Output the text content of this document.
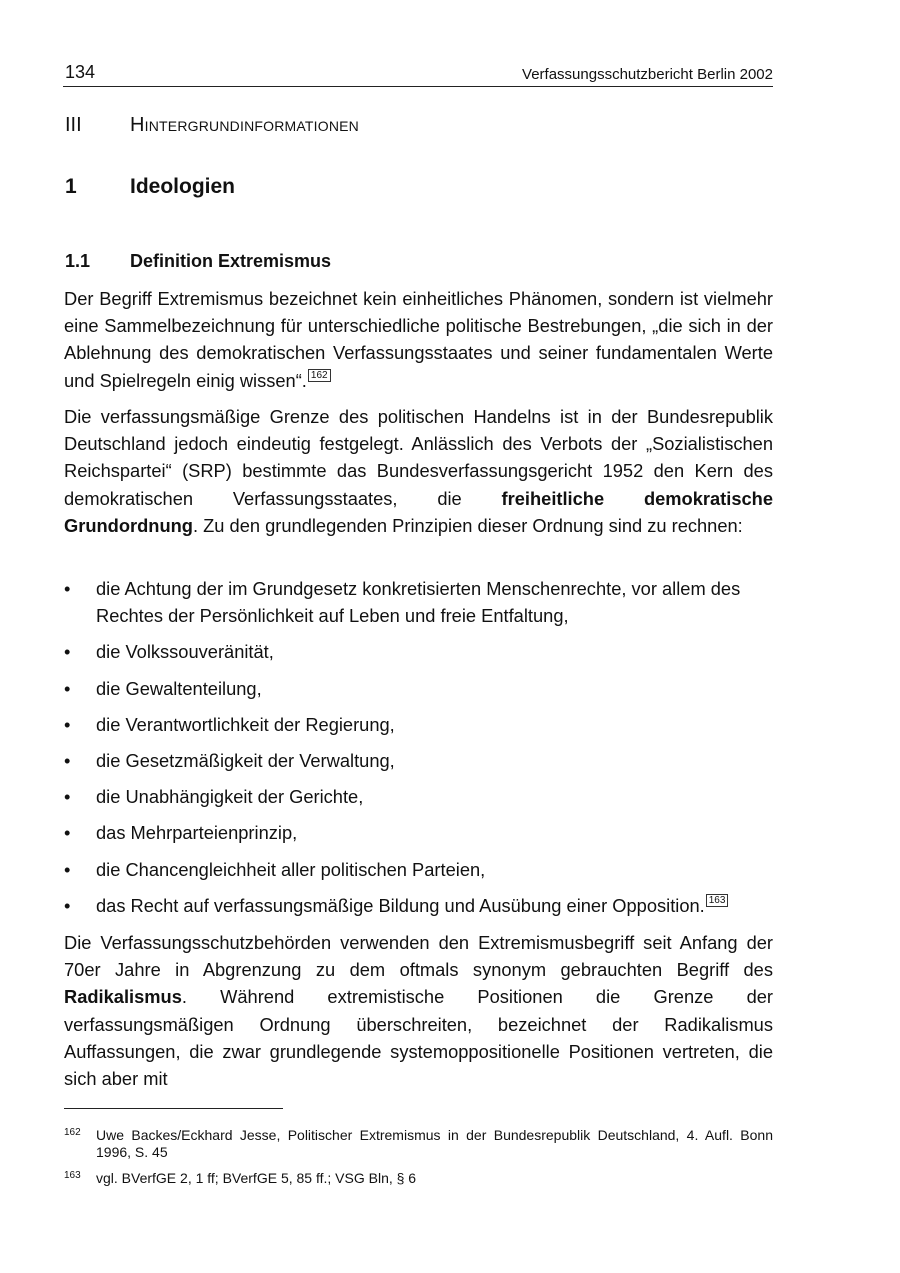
134	Verfassungsschutzbericht Berlin 2002
III	Hintergrundinformationen
1	Ideologien
1.1 Definition Extremismus
Der Begriff Extremismus bezeichnet kein einheitliches Phänomen, sondern ist vielmehr eine Sammelbezeichnung für unterschiedliche politische Bestrebungen, „die sich in der Ablehnung des demokratischen Verfassungsstaates und seiner fundamentalen Werte und Spielregeln einig wissen“. 162
Die verfassungsmäßige Grenze des politischen Handelns ist in der Bundesrepublik Deutschland jedoch eindeutig festgelegt. Anlässlich des Verbots der „Sozialistischen Reichspartei“ (SRP) bestimmte das Bundesverfassungsgericht 1952 den Kern des demokratischen Verfassungsstaates, die freiheitliche demokratische Grundordnung. Zu den grundlegenden Prinzipien dieser Ordnung sind zu rechnen:
• die Achtung der im Grundgesetz konkretisierten Menschenrechte, vor allem des Rechtes der Persönlichkeit auf Leben und freie Entfaltung,
• die Volkssouveränität,
• die Gewaltenteilung,
• die Verantwortlichkeit der Regierung,
• die Gesetzmäßigkeit der Verwaltung,
• die Unabhängigkeit der Gerichte,
• das Mehrparteienprinzip,
• die Chancengleichheit aller politischen Parteien,
• das Recht auf verfassungsmäßige Bildung und Ausübung einer Opposition. 163
Die Verfassungsschutzbehörden verwenden den Extremismusbegriff seit Anfang der 70er Jahre in Abgrenzung zu dem oftmals synonym gebrauchten Begriff des Radikalismus. Während extremistische Positionen die Grenze der verfassungsmäßigen Ordnung überschreiten, bezeichnet der Radikalismus Auffassungen, die zwar grundlegende systemoppositionelle Positionen vertreten, die sich aber mit
162 Uwe Backes/Eckhard Jesse, Politischer Extremismus in der Bundesrepublik Deutschland, 4. Aufl. Bonn 1996, S. 45
163 vgl. BVerfGE 2, 1 ff; BVerfGE 5, 85 ff.; VSG Bln, § 6
